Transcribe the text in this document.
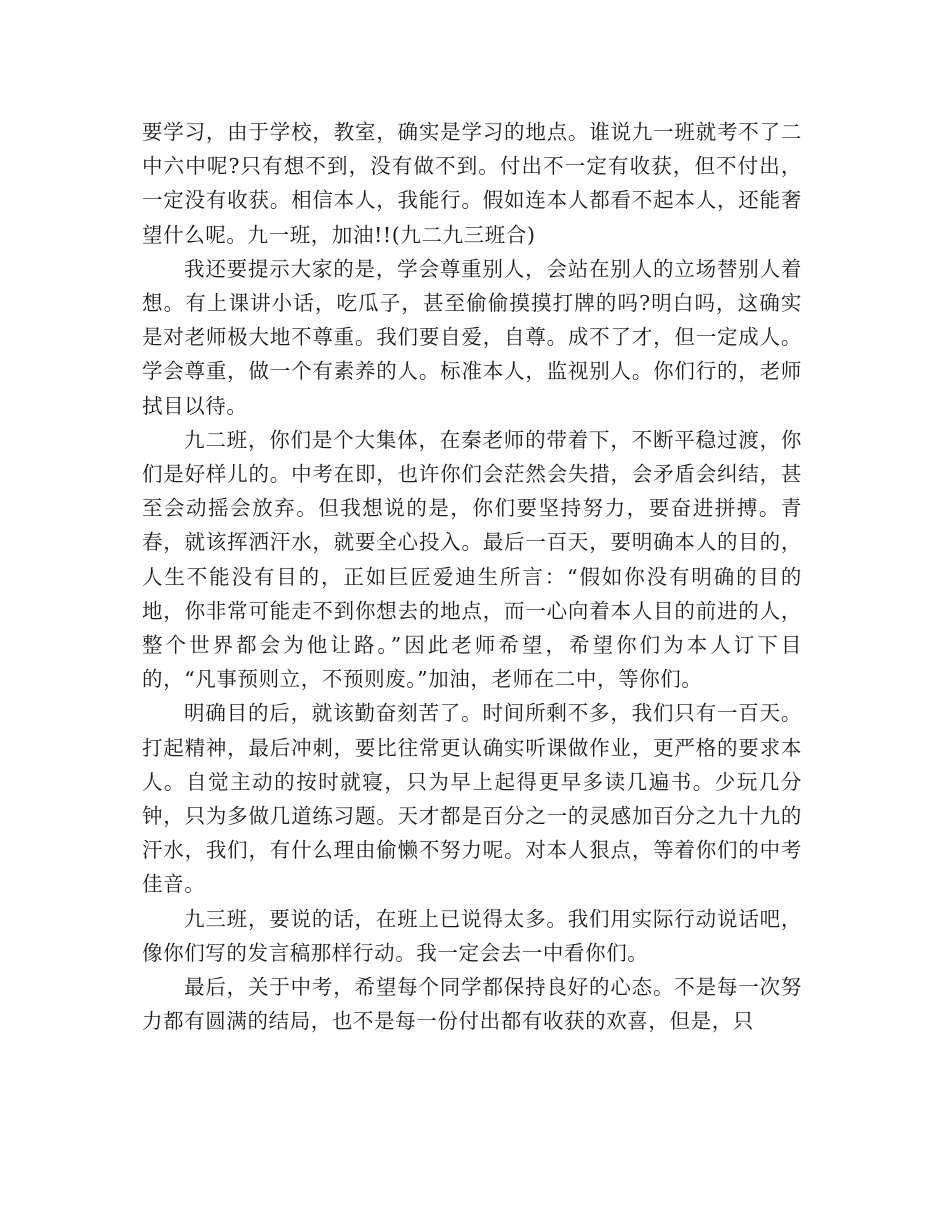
要学习，由于学校，教室，确实是学习的地点。谁说九一班就考不了二中六中呢?只有想不到，没有做不到。付出不一定有收获，但不付出，一定没有收获。相信本人，我能行。假如连本人都看不起本人，还能奢望什么呢。九一班，加油!!(九二九三班合)

我还要提示大家的是，学会尊重别人，会站在别人的立场替别人着想。有上课讲小话，吃瓜子，甚至偷偷摸摸打牌的吗?明白吗，这确实是对老师极大地不尊重。我们要自爱，自尊。成不了才，但一定成人。学会尊重，做一个有素养的人。标准本人，监视别人。你们行的，老师拭目以待。

九二班，你们是个大集体，在秦老师的带着下，不断平稳过渡，你们是好样儿的。中考在即，也许你们会茫然会失措，会矛盾会纠结，甚至会动摇会放弃。但我想说的是，你们要坚持努力，要奋进拼搏。青春，就该挥洒汗水，就要全心投入。最后一百天，要明确本人的目的，人生不能没有目的，正如巨匠爱迪生所言：“假如你没有明确的目的地，你非常可能走不到你想去的地点，而一心向着本人目的前进的人，整个世界都会为他让路。”因此老师希望，希望你们为本人订下目的，“凡事预则立，不预则废。”加油，老师在二中，等你们。

明确目的后，就该勤奋刻苦了。时间所剩不多，我们只有一百天。打起精神，最后冲刺，要比往常更认确实听课做作业，更严格的要求本人。自觉主动的按时就寝，只为早上起得更早多读几遍书。少玩几分钟，只为多做几道练习题。天才都是百分之一的灵感加百分之九十九的汗水，我们，有什么理由偷懒不努力呢。对本人狠点，等着你们的中考佳音。

九三班，要说的话，在班上已说得太多。我们用实际行动说话吧，像你们写的发言稿那样行动。我一定会去一中看你们。

最后，关于中考，希望每个同学都保持良好的心态。不是每一次努力都有圆满的结局，也不是每一份付出都有收获的欢喜，但是，只
